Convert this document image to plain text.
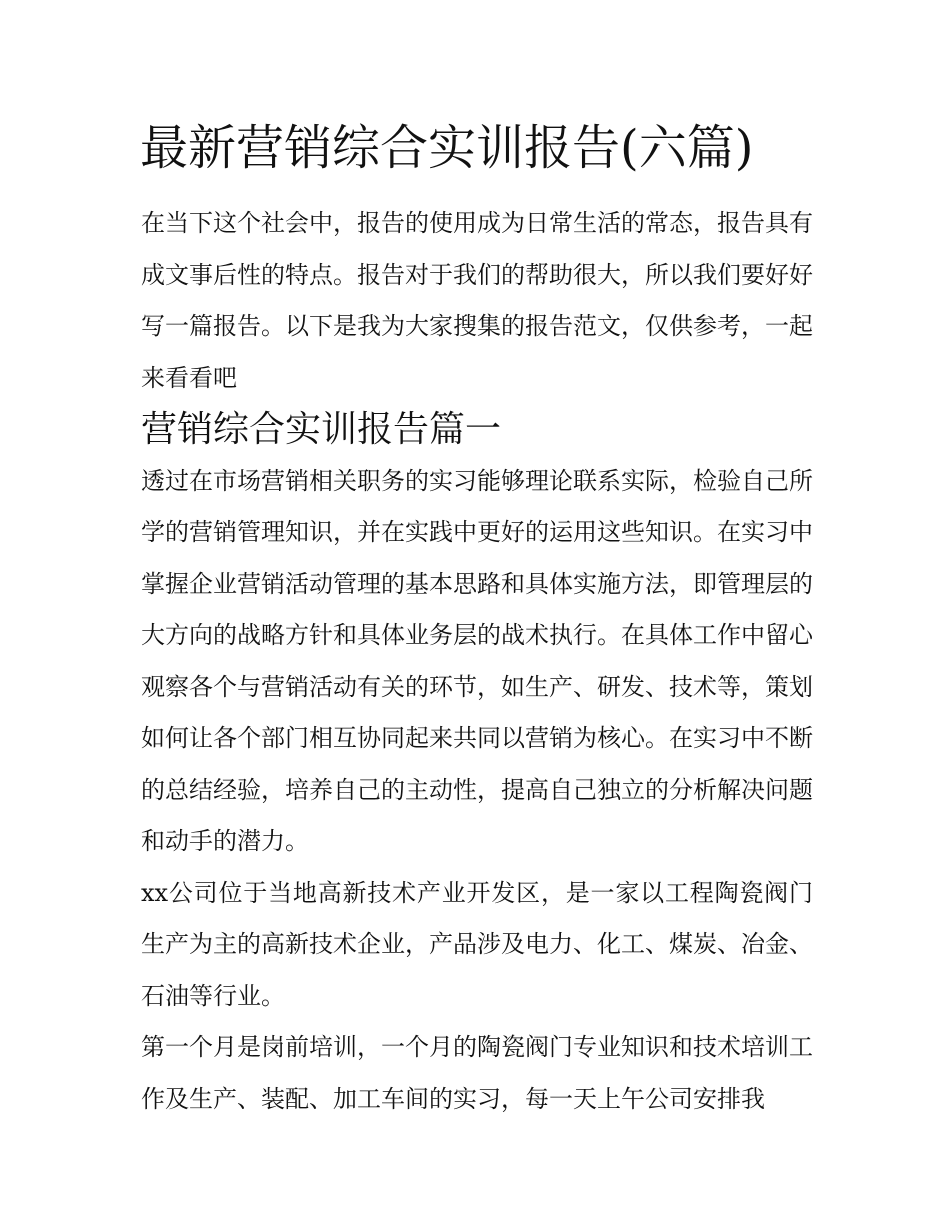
最新营销综合实训报告(六篇)

在当下这个社会中，报告的使用成为日常生活的常态，报告具有成文事后性的特点。报告对于我们的帮助很大，所以我们要好好写一篇报告。以下是我为大家搜集的报告范文，仅供参考，一起来看看吧

营销综合实训报告篇一

透过在市场营销相关职务的实习能够理论联系实际，检验自己所学的营销管理知识，并在实践中更好的运用这些知识。在实习中掌握企业营销活动管理的基本思路和具体实施方法，即管理层的大方向的战略方针和具体业务层的战术执行。在具体工作中留心观察各个与营销活动有关的环节，如生产、研发、技术等，策划如何让各个部门相互协同起来共同以营销为核心。在实习中不断的总结经验，培养自己的主动性，提高自己独立的分析解决问题和动手的潜力。

xx公司位于当地高新技术产业开发区，是一家以工程陶瓷阀门生产为主的高新技术企业，产品涉及电力、化工、煤炭、冶金、石油等行业。

第一个月是岗前培训，一个月的陶瓷阀门专业知识和技术培训工作及生产、装配、加工车间的实习，每一天上午公司安排我
